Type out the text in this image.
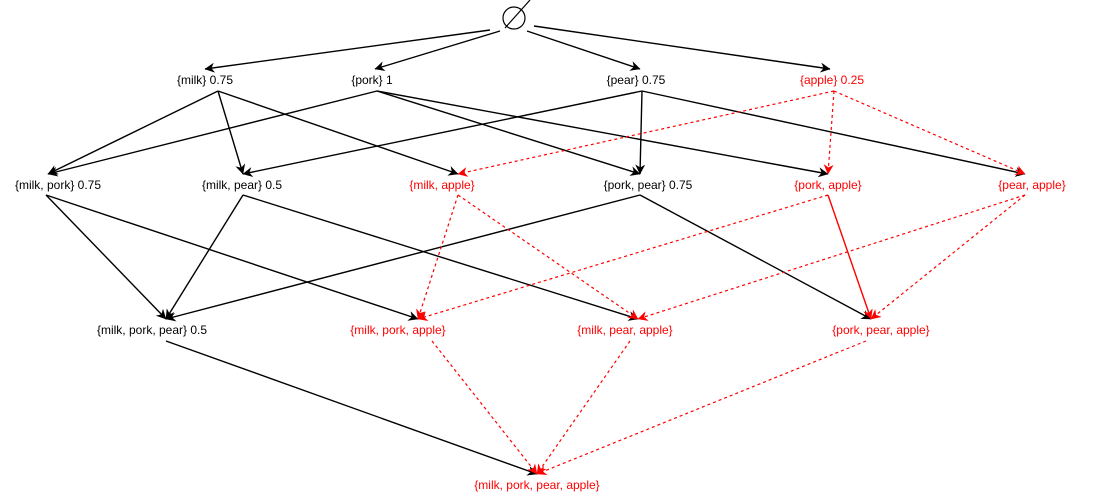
{milk} 0.75	{pork} 1	{pear} 0.75	{apple} 0.25
{milk, pork} 0.75	{milk, pear} 0.5	{milk, apple}	{pork, pear} 0.75	{pork, apple}	{pear, apple}
{milk, pork, pear} 0.5	{milk, pork, apple}	{milk, pear, apple}	{pork, pear, apple}
{milk, pork, pear, apple}
